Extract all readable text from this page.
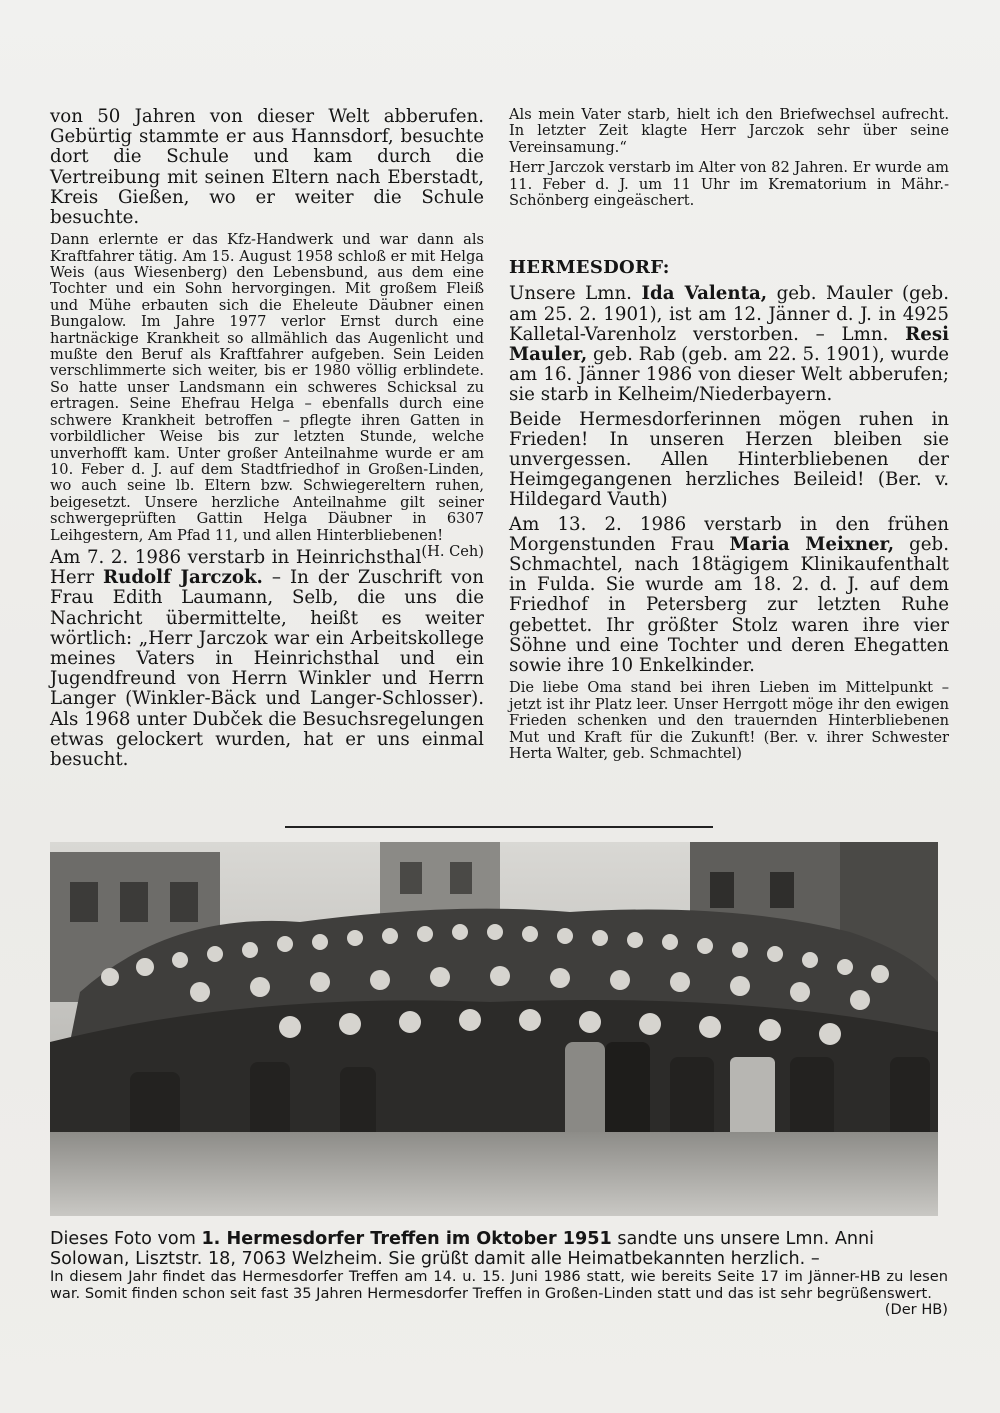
von 50 Jahren von dieser Welt abberufen. Gebürtig stammte er aus Hannsdorf, besuchte dort die Schule und kam durch die Vertreibung mit seinen Eltern nach Eberstadt, Kreis Gießen, wo er weiter die Schule besuchte.

Dann erlernte er das Kfz-Handwerk und war dann als Kraftfahrer tätig. Am 15. August 1958 schloß er mit Helga Weis (aus Wiesenberg) den Lebensbund, aus dem eine Tochter und ein Sohn hervorgingen. Mit großem Fleiß und Mühe erbauten sich die Eheleute Däubner einen Bungalow. Im Jahre 1977 verlor Ernst durch eine hartnäckige Krankheit so allmählich das Augenlicht und mußte den Beruf als Kraftfahrer aufgeben. Sein Leiden verschlimmerte sich weiter, bis er 1980 völlig erblindete. So hatte unser Landsmann ein schweres Schicksal zu ertragen. Seine Ehefrau Helga – ebenfalls durch eine schwere Krankheit betroffen – pflegte ihren Gatten in vorbildlicher Weise bis zur letzten Stunde, welche unverhofft kam. Unter großer Anteilnahme wurde er am 10. Feber d. J. auf dem Stadtfriedhof in Großen-Linden, wo auch seine lb. Eltern bzw. Schwiegereltern ruhen, beigesetzt. Unsere herzliche Anteilnahme gilt seiner schwergeprüften Gattin Helga Däubner in 6307 Leihgestern, Am Pfad 11, und allen Hinterbliebenen!
(H. Ceh)

Am 7. 2. 1986 verstarb in Heinrichsthal Herr Rudolf Jarczok. – In der Zuschrift von Frau Edith Laumann, Selb, die uns die Nachricht übermittelte, heißt es weiter wörtlich: „Herr Jarczok war ein Arbeitskollege meines Vaters in Heinrichsthal und ein Jugendfreund von Herrn Winkler und Herrn Langer (Winkler-Bäck und Langer-Schlosser). Als 1968 unter Dubček die Besuchsregelungen etwas gelockert wurden, hat er uns einmal besucht.

Als mein Vater starb, hielt ich den Briefwechsel aufrecht. In letzter Zeit klagte Herr Jarczok sehr über seine Vereinsamung.“

Herr Jarczok verstarb im Alter von 82 Jahren. Er wurde am 11. Feber d. J. um 11 Uhr im Krematorium in Mähr.-Schönberg eingeäschert.

HERMESDORF:

Unsere Lmn. Ida Valenta, geb. Mauler (geb. am 25. 2. 1901), ist am 12. Jänner d. J. in 4925 Kalletal-Varenholz verstorben. – Lmn. Resi Mauler, geb. Rab (geb. am 22. 5. 1901), wurde am 16. Jänner 1986 von dieser Welt abberufen; sie starb in Kelheim/Niederbayern.

Beide Hermesdorferinnen mögen ruhen in Frieden! In unseren Herzen bleiben sie unvergessen. Allen Hinterbliebenen der Heimgegangenen herzliches Beileid! (Ber. v. Hildegard Vauth)

Am 13. 2. 1986 verstarb in den frühen Morgenstunden Frau Maria Meixner, geb. Schmachtel, nach 18tägigem Klinikaufenthalt in Fulda. Sie wurde am 18. 2. d. J. auf dem Friedhof in Petersberg zur letzten Ruhe gebettet. Ihr größter Stolz waren ihre vier Söhne und eine Tochter und deren Ehegatten sowie ihre 10 Enkelkinder.

Die liebe Oma stand bei ihren Lieben im Mittelpunkt – jetzt ist ihr Platz leer. Unser Herrgott möge ihr den ewigen Frieden schenken und den trauernden Hinterbliebenen Mut und Kraft für die Zukunft! (Ber. v. ihrer Schwester Herta Walter, geb. Schmachtel)

Dieses Foto vom 1. Hermesdorfer Treffen im Oktober 1951 sandte uns unsere Lmn. Anni Solowan, Lisztstr. 18, 7063 Welzheim. Sie grüßt damit alle Heimatbekannten herzlich. –

In diesem Jahr findet das Hermesdorfer Treffen am 14. u. 15. Juni 1986 statt, wie bereits Seite 17 im Jänner-HB zu lesen war. Somit finden schon seit fast 35 Jahren Hermesdorfer Treffen in Großen-Linden statt und das ist sehr begrüßenswert.

(Der HB)
